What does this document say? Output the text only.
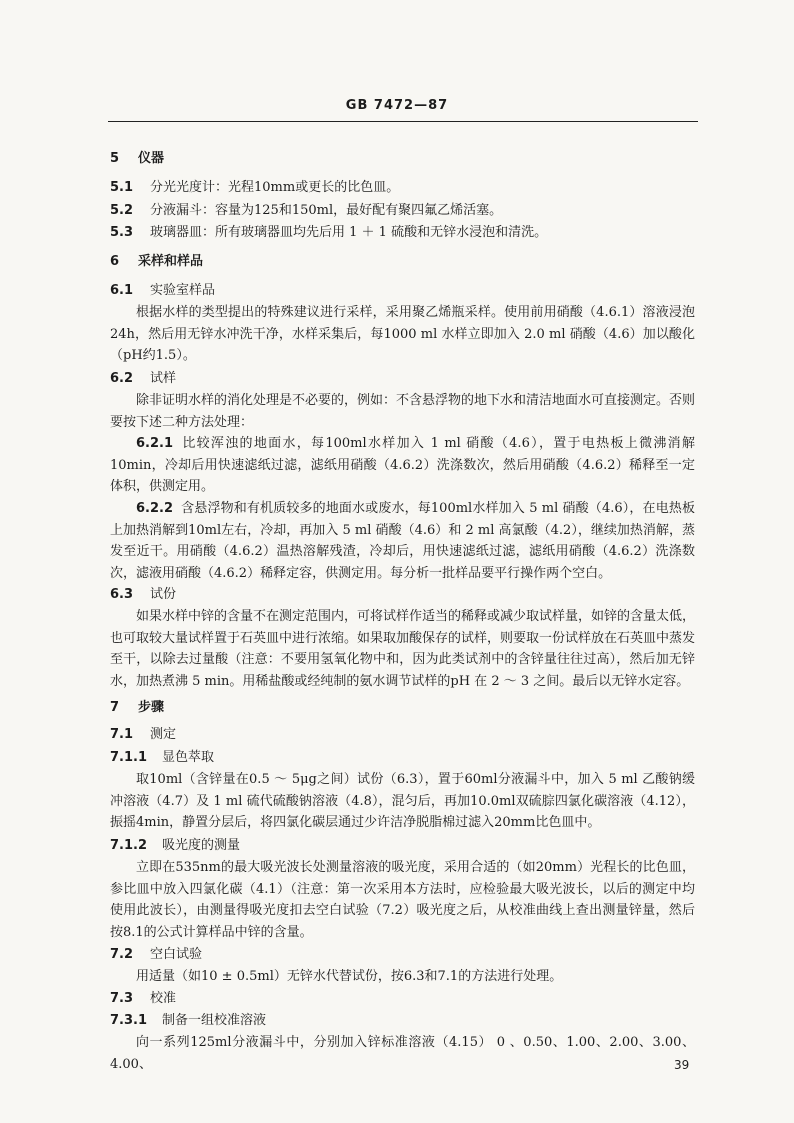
GB 7472—87
5 仪器
5.1 分光光度计：光程10mm或更长的比色皿。
5.2 分液漏斗：容量为125和150ml，最好配有聚四氟乙烯活塞。
5.3 玻璃器皿：所有玻璃器皿均先后用 1 ＋ 1 硫酸和无锌水浸泡和清洗。
6 采样和样品
6.1 实验室样品
根据水样的类型提出的特殊建议进行采样，采用聚乙烯瓶采样。使用前用硝酸（4.6.1）溶液浸泡24h，然后用无锌水冲洗干净，水样采集后，每1000 ml 水样立即加入 2.0 ml 硝酸（4.6）加以酸化（pH约1.5）。
6.2 试样
除非证明水样的消化处理是不必要的，例如：不含悬浮物的地下水和清洁地面水可直接测定。否则要按下述二种方法处理：
6.2.1 比较浑浊的地面水，每100ml水样加入 1 ml 硝酸（4.6），置于电热板上微沸消解10min，冷却后用快速滤纸过滤，滤纸用硝酸（4.6.2）洗涤数次，然后用硝酸（4.6.2）稀释至一定体积，供测定用。
6.2.2 含悬浮物和有机质较多的地面水或废水，每100ml水样加入 5 ml 硝酸（4.6），在电热板上加热消解到10ml左右，冷却，再加入 5 ml 硝酸（4.6）和 2 ml 高氯酸（4.2），继续加热消解，蒸发至近干。用硝酸（4.6.2）温热溶解残渣，冷却后，用快速滤纸过滤，滤纸用硝酸（4.6.2）洗涤数次，滤液用硝酸（4.6.2）稀释定容，供测定用。每分析一批样品要平行操作两个空白。
6.3 试份
如果水样中锌的含量不在测定范围内，可将试样作适当的稀释或减少取试样量，如锌的含量太低，也可取较大量试样置于石英皿中进行浓缩。如果取加酸保存的试样，则要取一份试样放在石英皿中蒸发至干，以除去过量酸（注意：不要用氢氧化物中和，因为此类试剂中的含锌量往往过高），然后加无锌水，加热煮沸 5 min。用稀盐酸或经纯制的氨水调节试样的pH 在 2 ～ 3 之间。最后以无锌水定容。
7 步骤
7.1 测定
7.1.1 显色萃取
取10ml（含锌量在0.5 ～ 5μg之间）试份（6.3），置于60ml分液漏斗中，加入 5 ml 乙酸钠缓冲溶液（4.7）及 1 ml 硫代硫酸钠溶液（4.8），混匀后，再加10.0ml双硫腙四氯化碳溶液（4.12），振摇4min，静置分层后，将四氯化碳层通过少许洁净脱脂棉过滤入20mm比色皿中。
7.1.2 吸光度的测量
立即在535nm的最大吸光波长处测量溶液的吸光度，采用合适的（如20mm）光程长的比色皿，参比皿中放入四氯化碳（4.1）（注意：第一次采用本方法时，应检验最大吸光波长，以后的测定中均使用此波长），由测量得吸光度扣去空白试验（7.2）吸光度之后，从校准曲线上查出测量锌量，然后按8.1的公式计算样品中锌的含量。
7.2 空白试验
用适量（如10 ± 0.5ml）无锌水代替试份，按6.3和7.1的方法进行处理。
7.3 校准
7.3.1 制备一组校准溶液
向一系列125ml分液漏斗中，分别加入锌标准溶液（4.15） 0 、0.50、1.00、2.00、3.00、4.00、	39
